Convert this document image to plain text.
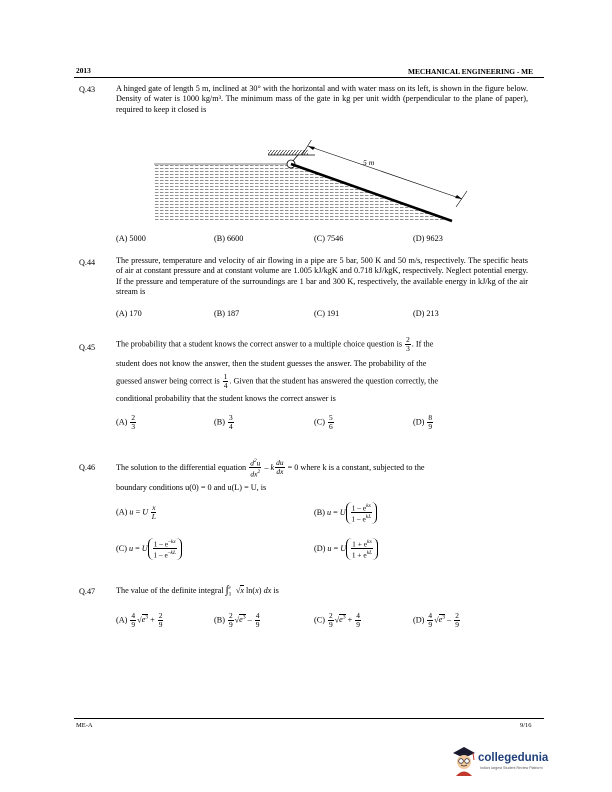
2013	MECHANICAL ENGINEERING - ME
Q.43	A hinged gate of length 5 m, inclined at 30° with the horizontal and with water mass on its left, is shown in the figure below. Density of water is 1000 kg/m³. The minimum mass of the gate in kg per unit width (perpendicular to the plane of paper), required to keep it closed is
5 m
(A) 5000	(B) 6600	(C) 7546	(D) 9623
Q.44	The pressure, temperature and velocity of air flowing in a pipe are 5 bar, 500 K and 50 m/s, respectively. The specific heats of air at constant pressure and at constant volume are 1.005 kJ/kgK and 0.718 kJ/kgK, respectively. Neglect potential energy. If the pressure and temperature of the surroundings are 1 bar and 300 K, respectively, the available energy in kJ/kg of the air stream is
(A) 170	(B) 187	(C) 191	(D) 213
Q.45	The probability that a student knows the correct answer to a multiple choice question is $\frac{2}{3}$ . If the
student does not know the answer, then the student guesses the answer. The probability of the
guessed answer being correct is $\frac{1}{4}$ . Given that the student has answered the question correctly, the
conditional probability that the student knows the correct answer is
$(A) \frac{2}{3}$	$(B) \frac{3}{4}$	$(C) \frac{5}{6}$	$(D) \frac{8}{9}$
Q.46	The solution to the differential equation $\frac{d^2u}{dx^2} - k \frac{du}{dx} = 0$ where k is a constant, subjected to the
boundary conditions u(0) = 0 and u(L) = U, is
(A) u = U $\frac{x}{L}$	(B) u = U $\frac{1 - e^{kx}}{1 - e^{kL}}$
(C) u = U $\frac{1 - e^{-kx}}{1 - e^{-kL}}$	(D) u = U $\frac{1 + e^{kx}}{1 + e^{kL}}$
Q.47	The value of the definite integral $\int_1^e$ √x ln(x) dx is
$(A) \frac{4}{9} √e^3 + \frac{2}{9}$	$(B) \frac{2}{9} √e^3 - \frac{4}{9}$	$(C) \frac{2}{9} √e^3 + \frac{4}{9}$	$(D) \frac{4}{9} √e^3 - \frac{2}{9}$
ME-A	9/16
collegedunia
India's largest Student Review Platform
